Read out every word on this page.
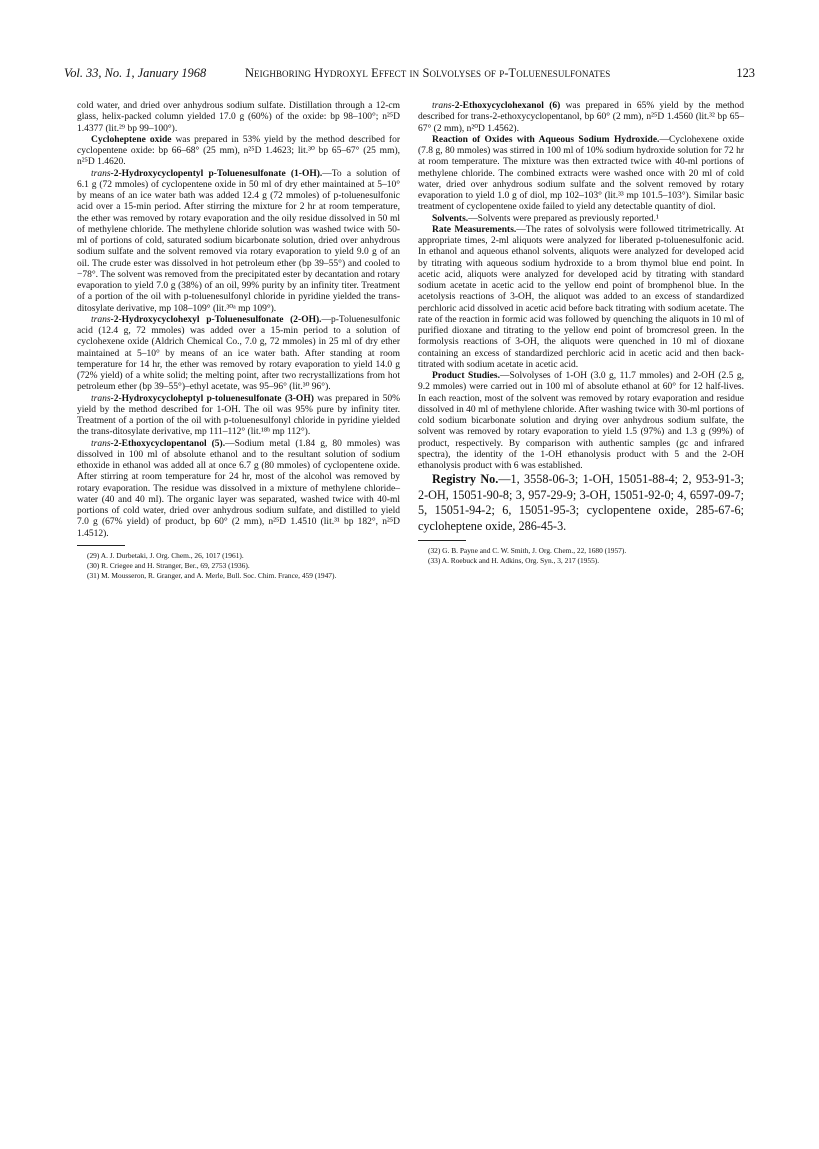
Vol. 33, No. 1, January 1968	Neighboring Hydroxyl Effect in Solvolyses of p-Toluenesulfonates	123

cold water, and dried over anhydrous sodium sulfate. Distillation through a 12-cm glass, helix-packed column yielded 17.0 g (60%) of the oxide: bp 98–100°; n²⁵D 1.4377 (lit.²⁹ bp 99–100°).

Cycloheptene oxide was prepared in 53% yield by the method described for cyclopentene oxide: bp 66–68° (25 mm), n²⁵D 1.4623; lit.³⁰ bp 65–67° (25 mm), n²⁵D 1.4620.

trans-2-Hydroxycyclopentyl p-Toluenesulfonate (1-OH).—To a solution of 6.1 g (72 mmoles) of cyclopentene oxide in 50 ml of dry ether maintained at 5–10° by means of an ice water bath was added 12.4 g (72 mmoles) of p-toluenesulfonic acid over a 15-min period. After stirring the mixture for 2 hr at room temperature, the ether was removed by rotary evaporation and the oily residue dissolved in 50 ml of methylene chloride. The methylene chloride solution was washed twice with 50-ml of portions of cold, saturated sodium bicarbonate solution, dried over anhydrous sodium sulfate and the solvent removed via rotary evaporation to yield 9.0 g of an oil. The crude ester was dissolved in hot petroleum ether (bp 39–55°) and cooled to −78°. The solvent was removed from the precipitated ester by decantation and rotary evaporation to yield 7.0 g (38%) of an oil, 99% purity by an infinity titer. Treatment of a portion of the oil with p-toluenesulfonyl chloride in pyridine yielded the trans-ditosylate derivative, mp 108–109° (lit.³⁰ᵃ mp 109°).

trans-2-Hydroxycyclohexyl p-Toluenesulfonate (2-OH).—p-Toluenesulfonic acid (12.4 g, 72 mmoles) was added over a 15-min period to a solution of cyclohexene oxide (Aldrich Chemical Co., 7.0 g, 72 mmoles) in 25 ml of dry ether maintained at 5–10° by means of an ice water bath. After standing at room temperature for 14 hr, the ether was removed by rotary evaporation to yield 14.0 g (72% yield) of a white solid; the melting point, after two recrystallizations from hot petroleum ether (bp 39–55°)–ethyl acetate, was 95–96° (lit.³⁰ 96°).

trans-2-Hydroxycycloheptyl p-toluenesulfonate (3-OH) was prepared in 50% yield by the method described for 1-OH. The oil was 95% pure by infinity titer. Treatment of a portion of the oil with p-toluenesulfonyl chloride in pyridine yielded the trans-ditosylate derivative, mp 111–112° (lit.¹⁸ᵇ mp 112°).

trans-2-Ethoxycyclopentanol (5).—Sodium metal (1.84 g, 80 mmoles) was dissolved in 100 ml of absolute ethanol and to the resultant solution of sodium ethoxide in ethanol was added all at once 6.7 g (80 mmoles) of cyclopentene oxide. After stirring at room temperature for 24 hr, most of the alcohol was removed by rotary evaporation. The residue was dissolved in a mixture of methylene chloride–water (40 and 40 ml). The organic layer was separated, washed twice with 40-ml portions of cold water, dried over anhydrous sodium sulfate, and distilled to yield 7.0 g (67% yield) of product, bp 60° (2 mm), n²⁵D 1.4510 (lit.³¹ bp 182°, n²⁵D 1.4512).

(29) A. J. Durbetaki, J. Org. Chem., 26, 1017 (1961).

(30) R. Criegee and H. Stranger, Ber., 69, 2753 (1936).

(31) M. Mousseron, R. Granger, and A. Merle, Bull. Soc. Chim. France, 459 (1947).

trans-2-Ethoxycyclohexanol (6) was prepared in 65% yield by the method described for trans-2-ethoxycyclopentanol, bp 60° (2 mm), n²⁵D 1.4560 (lit.³² bp 65–67° (2 mm), n²⁰D 1.4562).

Reaction of Oxides with Aqueous Sodium Hydroxide.—Cyclohexene oxide (7.8 g, 80 mmoles) was stirred in 100 ml of 10% sodium hydroxide solution for 72 hr at room temperature. The mixture was then extracted twice with 40-ml portions of methylene chloride. The combined extracts were washed once with 20 ml of cold water, dried over anhydrous sodium sulfate and the solvent removed by rotary evaporation to yield 1.0 g of diol, mp 102–103° (lit.³³ mp 101.5–103°). Similar basic treatment of cyclopentene oxide failed to yield any detectable quantity of diol.

Solvents.—Solvents were prepared as previously reported.¹

Rate Measurements.—The rates of solvolysis were followed titrimetrically. At appropriate times, 2-ml aliquots were analyzed for liberated p-toluenesulfonic acid. In ethanol and aqueous ethanol solvents, aliquots were analyzed for developed acid by titrating with aqueous sodium hydroxide to a brom thymol blue end point. In acetic acid, aliquots were analyzed for developed acid by titrating with standard sodium acetate in acetic acid to the yellow end point of bromphenol blue. In the acetolysis reactions of 3-OH, the aliquot was added to an excess of standardized perchloric acid dissolved in acetic acid before back titrating with sodium acetate. The rate of the reaction in formic acid was followed by quenching the aliquots in 10 ml of purified dioxane and titrating to the yellow end point of bromcresol green. In the formolysis reactions of 3-OH, the aliquots were quenched in 10 ml of dioxane containing an excess of standardized perchloric acid in acetic acid and then back-titrated with sodium acetate in acetic acid.

Product Studies.—Solvolyses of 1-OH (3.0 g, 11.7 mmoles) and 2-OH (2.5 g, 9.2 mmoles) were carried out in 100 ml of absolute ethanol at 60° for 12 half-lives. In each reaction, most of the solvent was removed by rotary evaporation and residue dissolved in 40 ml of methylene chloride. After washing twice with 30-ml portions of cold sodium bicarbonate solution and drying over anhydrous sodium sulfate, the solvent was removed by rotary evaporation to yield 1.5 (97%) and 1.3 g (99%) of product, respectively. By comparison with authentic samples (gc and infrared spectra), the identity of the 1-OH ethanolysis product with 5 and the 2-OH ethanolysis product with 6 was established.

Registry No.—1, 3558-06-3; 1-OH, 15051-88-4; 2, 953-91-3; 2-OH, 15051-90-8; 3, 957-29-9; 3-OH, 15051-92-0; 4, 6597-09-7; 5, 15051-94-2; 6, 15051-95-3; cyclopentene oxide, 285-67-6; cycloheptene oxide, 286-45-3.

(32) G. B. Payne and C. W. Smith, J. Org. Chem., 22, 1680 (1957).

(33) A. Roebuck and H. Adkins, Org. Syn., 3, 217 (1955).
